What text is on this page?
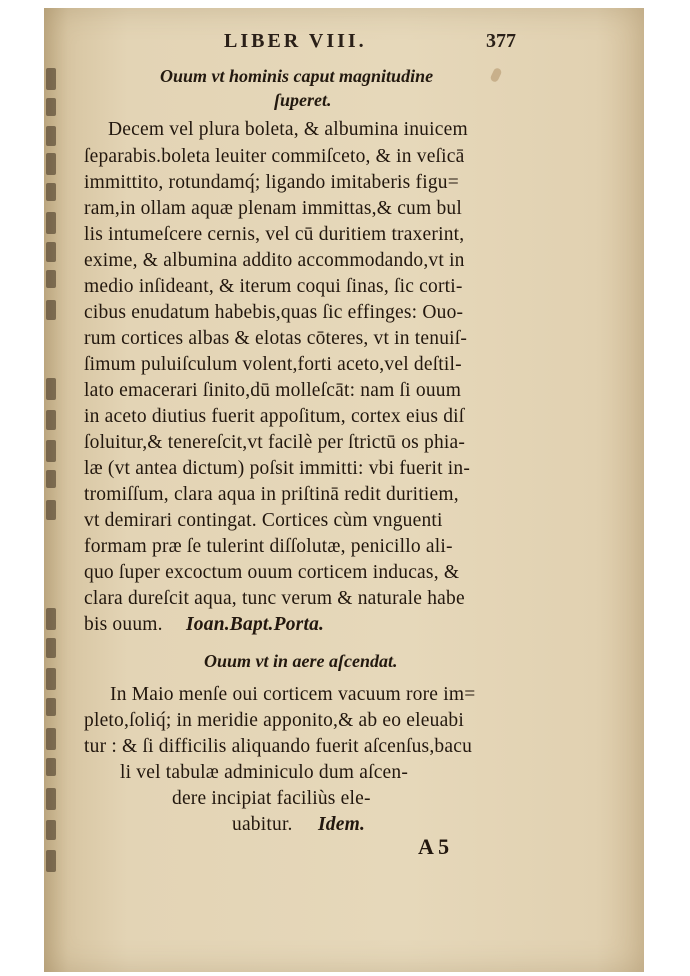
LIBER VIII.	377
Ouum vt hominis caput magnitudine
ſuperet.
Decem vel plura boleta, & albumina inuicem
ſeparabis.boleta leuiter commiſceto, & in veſicā
immittito, rotundamq́; ligando imitaberis figu=
ram,in ollam aquæ plenam immittas,& cum bul
lis intumeſcere cernis, vel cū duritiem traxerint,
exime, & albumina addito accommodando,vt in
medio inſideant, & iterum coqui ſinas, ſic corti-
cibus enudatum habebis,quas ſic effinges: Ouo-
rum cortices albas & elotas cōteres, vt in tenuiſ-
ſimum puluiſculum volent,forti aceto,vel deſtil-
lato emacerari ſinito,dū molleſcāt: nam ſi ouum
in aceto diutius fuerit appoſitum, cortex eius diſ
ſoluitur,& tenereſcit,vt facilè per ſtrictū os phia-
læ (vt antea dictum) poſsit immitti: vbi fuerit in-
tromiſſum, clara aqua in priſtinā redit duritiem,
vt demirari contingat. Cortices cùm vnguenti
formam præ ſe tulerint diſſolutæ, penicillo ali-
quo ſuper excoctum ouum corticem inducas, &
clara dureſcit aqua, tunc verum & naturale habe
bis ouum. Ioan.Bapt.Porta.
Ouum vt in aere aſcendat.
In Maio menſe oui corticem vacuum rore im=
pleto,ſoliq́; in meridie apponito,& ab eo eleuabi
tur : & ſi difficilis aliquando fuerit aſcenſus,bacu
li vel tabulæ adminiculo dum aſcen-
dere incipiat faciliùs ele-
uabitur. Idem.
A 5
